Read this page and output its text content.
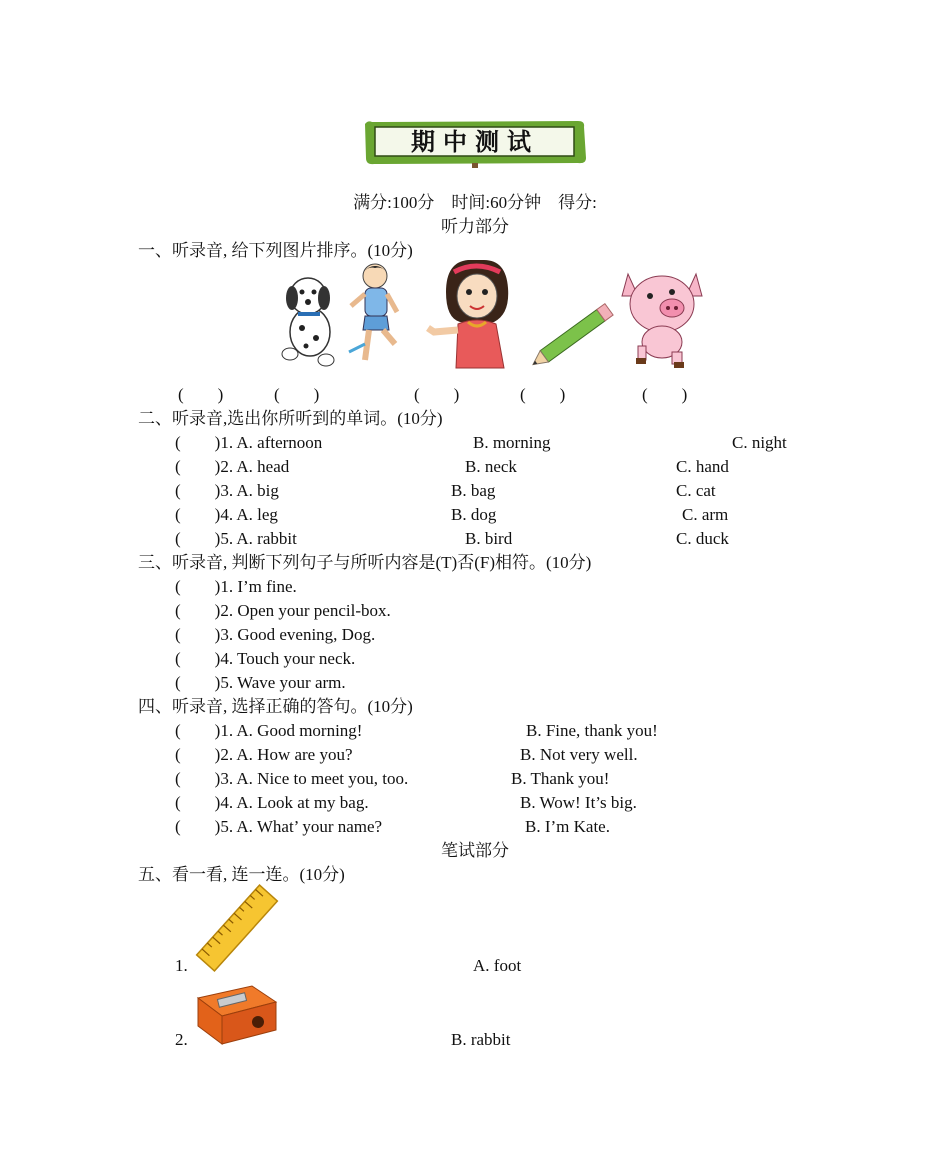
期中测试
满分:100分　时间:60分钟　得分:
听力部分
一、听录音, 给下列图片排序。(10分)
(　　)	(　　)	(　　)	(　　)	(　　)
二、听录音,选出你所听到的单词。(10分)
(　　)1. A. afternoon	B. morning	C. night
(　　)2. A. head	B. neck	C. hand
(　　)3. A. big	B. bag	C. cat
(　　)4. A. leg	B. dog	C. arm
(　　)5. A. rabbit	B. bird	C. duck
三、听录音, 判断下列句子与所听内容是(T)否(F)相符。(10分)
(　　)1. I’m fine.
(　　)2. Open your pencil-box.
(　　)3. Good evening, Dog.
(　　)4. Touch your neck.
(　　)5. Wave your arm.
四、听录音, 选择正确的答句。(10分)
(　　)1. A. Good morning!	B. Fine, thank you!
(　　)2. A. How are you?	B. Not very well.
(　　)3. A. Nice to meet you, too.	B. Thank you!
(　　)4. A. Look at my bag.	B. Wow! It’s big.
(　　)5. A. What’ your name?	B. I’m Kate.
笔试部分
五、看一看, 连一连。(10分)
1.	A. foot
2.	B. rabbit
